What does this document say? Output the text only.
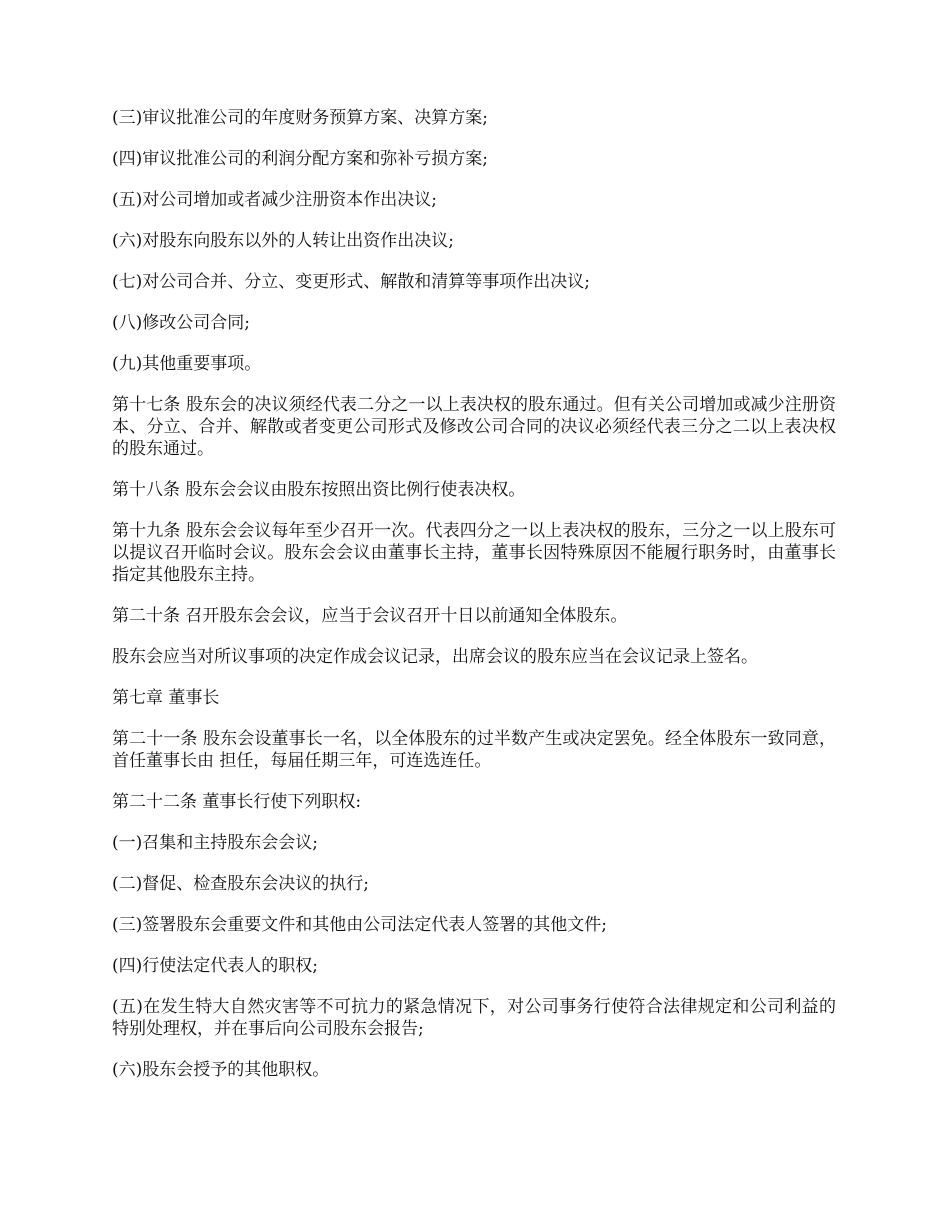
(三)审议批准公司的年度财务预算方案、决算方案;

(四)审议批准公司的利润分配方案和弥补亏损方案;

(五)对公司增加或者减少注册资本作出决议;

(六)对股东向股东以外的人转让出资作出决议;

(七)对公司合并、分立、变更形式、解散和清算等事项作出决议;

(八)修改公司合同;

(九)其他重要事项。

第十七条 股东会的决议须经代表二分之一以上表决权的股东通过。但有关公司增加或减少注册资本、分立、合并、解散或者变更公司形式及修改公司合同的决议必须经代表三分之二以上表决权的股东通过。

第十八条 股东会会议由股东按照出资比例行使表决权。

第十九条 股东会会议每年至少召开一次。代表四分之一以上表决权的股东，三分之一以上股东可以提议召开临时会议。股东会会议由董事长主持，董事长因特殊原因不能履行职务时，由董事长指定其他股东主持。

第二十条 召开股东会会议，应当于会议召开十日以前通知全体股东。

股东会应当对所议事项的决定作成会议记录，出席会议的股东应当在会议记录上签名。

第七章 董事长

第二十一条 股东会设董事长一名，以全体股东的过半数产生或决定罢免。经全体股东一致同意，首任董事长由 担任，每届任期三年，可连选连任。

第二十二条 董事长行使下列职权:

(一)召集和主持股东会会议;

(二)督促、检查股东会决议的执行;

(三)签署股东会重要文件和其他由公司法定代表人签署的其他文件;

(四)行使法定代表人的职权;

(五)在发生特大自然灾害等不可抗力的紧急情况下，对公司事务行使符合法律规定和公司利益的特别处理权，并在事后向公司股东会报告;

(六)股东会授予的其他职权。
